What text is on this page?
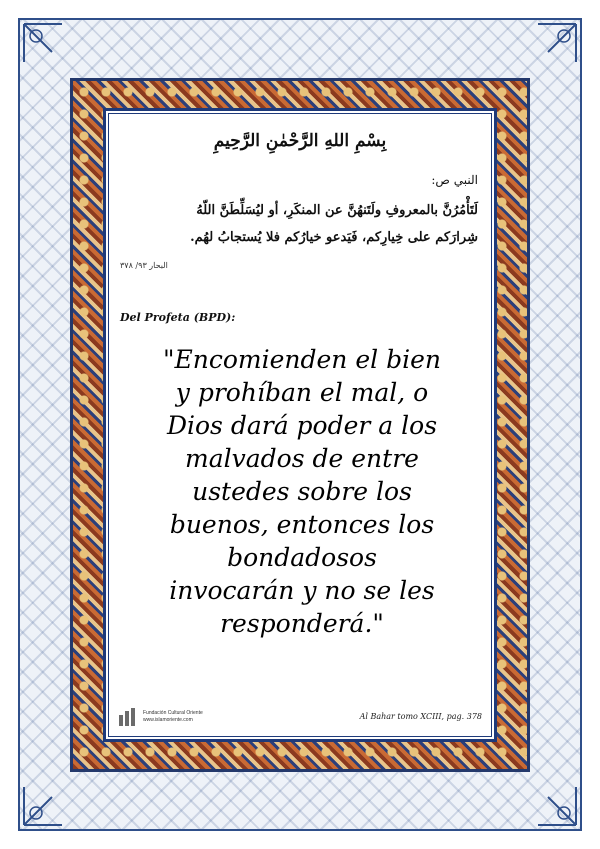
بِسْمِ اللهِ الرَّحْمٰنِ الرَّحِيمِ
النبي ص:
لَتَأْمُرُنَّ بالمعروفِ ولَتَنهُنَّ عن المنكَرِ، أو ليُسَلِّطَنَّ اللّهُ
شِرارَكم على خِيارِكم، فَيَدعو خيارُكم فلا يُستجابُ لهُم.
البحار ٩٣/ ٣٧٨
Del Profeta (BPD):

"Encomienden el bien
y prohíban el mal, o
Dios dará poder a los
malvados de entre
ustedes sobre los
buenos, entonces los
bondadosos
invocarán y no se les
responderá."

Fundación Cultural Oriente
www.islamoriente.com	Al Bahar tomo XCIII, pag. 378
